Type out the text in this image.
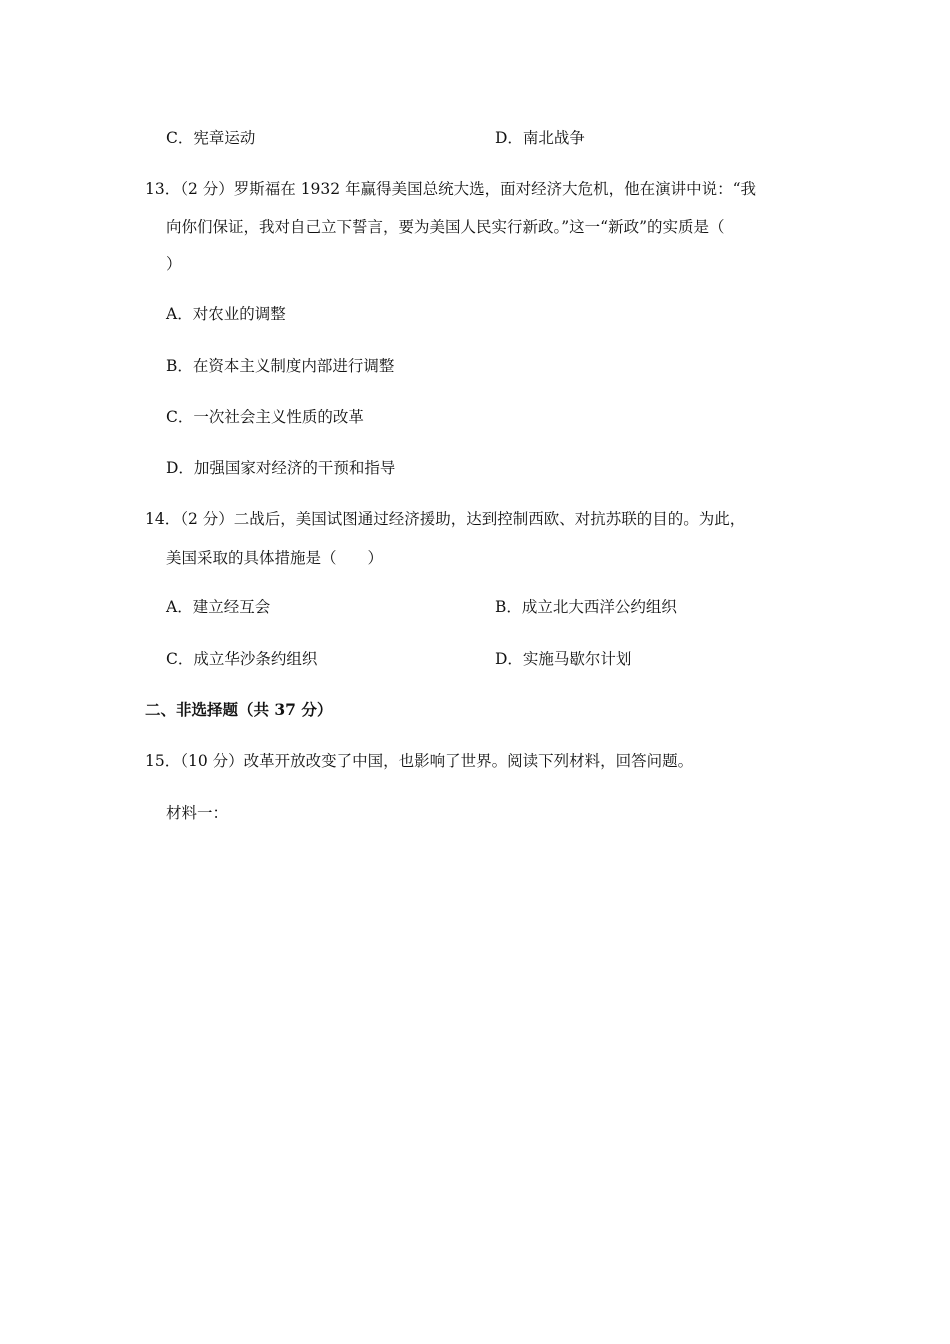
C．宪章运动	D．南北战争
13．（2 分）罗斯福在 1932 年赢得美国总统大选，面对经济大危机，他在演讲中说：“我
向你们保证，我对自己立下誓言，要为美国人民实行新政。”这一“新政”的实质是（
）
A．对农业的调整
B．在资本主义制度内部进行调整
C．一次社会主义性质的改革
D．加强国家对经济的干预和指导
14．（2 分）二战后，美国试图通过经济援助，达到控制西欧、对抗苏联的目的。为此，
美国采取的具体措施是（　　）
A．建立经互会	B．成立北大西洋公约组织
C．成立华沙条约组织	D．实施马歇尔计划
二、非选择题（共 37 分）
15．（10 分）改革开放改变了中国，也影响了世界。阅读下列材料，回答问题。
材料一：
